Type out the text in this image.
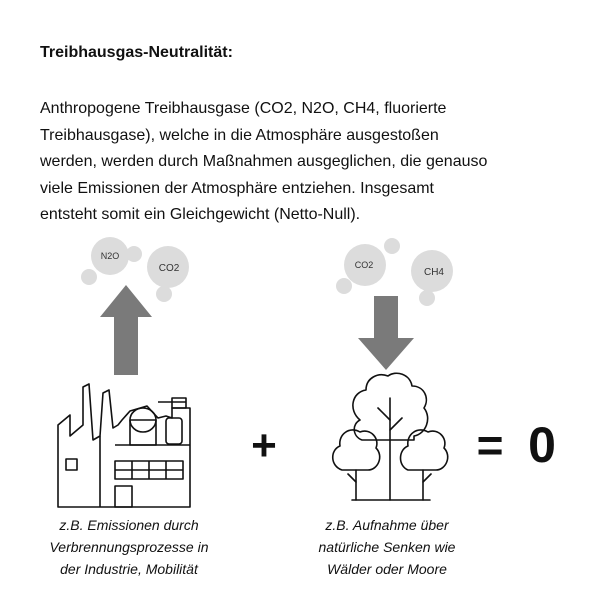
Treibhausgas-Neutralität:

Anthropogene Treibhausgase (CO2, N2O, CH4, fluorierte
Treibhausgase), welche in die Atmosphäre ausgestoßen
werden, werden durch Maßnahmen ausgeglichen, die genauso
viele Emissionen der Atmosphäre entziehen. Insgesamt
entsteht somit ein Gleichgewicht (Netto-Null).

N2O
CO2
+
CO2
CH4
= 0

z.B. Emissionen durch
Verbrennungsprozesse in
der Industrie, Mobilität

z.B. Aufnahme über
natürliche Senken wie
Wälder oder Moore
